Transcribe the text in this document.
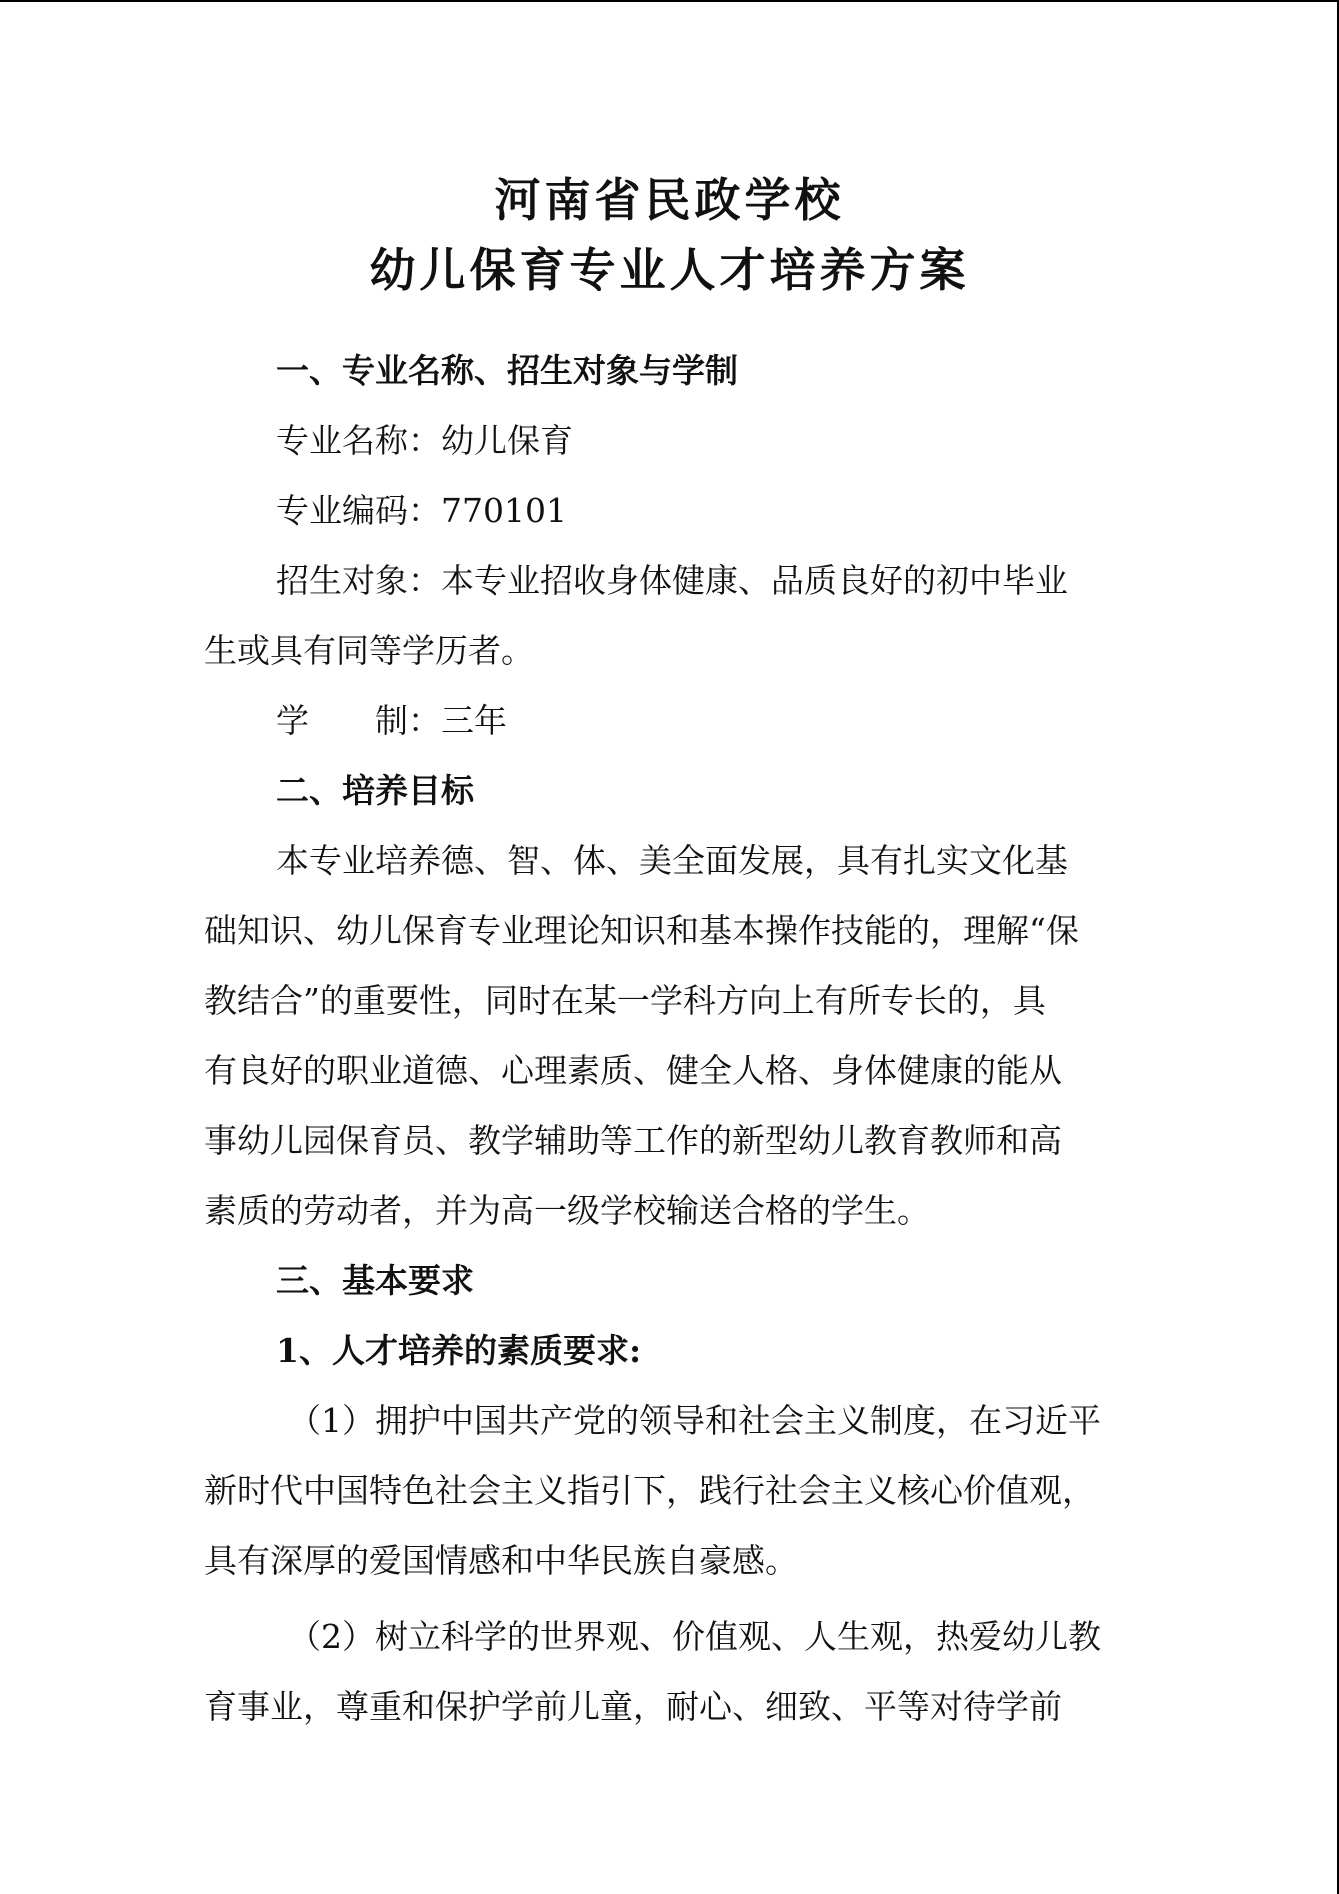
河南省民政学校
幼儿保育专业人才培养方案

一、专业名称、招生对象与学制

专业名称：幼儿保育

专业编码：770101

招生对象：本专业招收身体健康、品质良好的初中毕业

生或具有同等学历者。

学　　制：三年

二、培养目标

本专业培养德、智、体、美全面发展，具有扎实文化基

础知识、幼儿保育专业理论知识和基本操作技能的，理解“保

教结合”的重要性，同时在某一学科方向上有所专长的，具

有良好的职业道德、心理素质、健全人格、身体健康的能从

事幼儿园保育员、教学辅助等工作的新型幼儿教育教师和高

素质的劳动者，并为高一级学校输送合格的学生。

三、基本要求

1、人才培养的素质要求:

（1）拥护中国共产党的领导和社会主义制度，在习近平

新时代中国特色社会主义指引下，践行社会主义核心价值观，

具有深厚的爱国情感和中华民族自豪感。

（2）树立科学的世界观、价值观、人生观，热爱幼儿教

育事业，尊重和保护学前儿童，耐心、细致、平等对待学前
